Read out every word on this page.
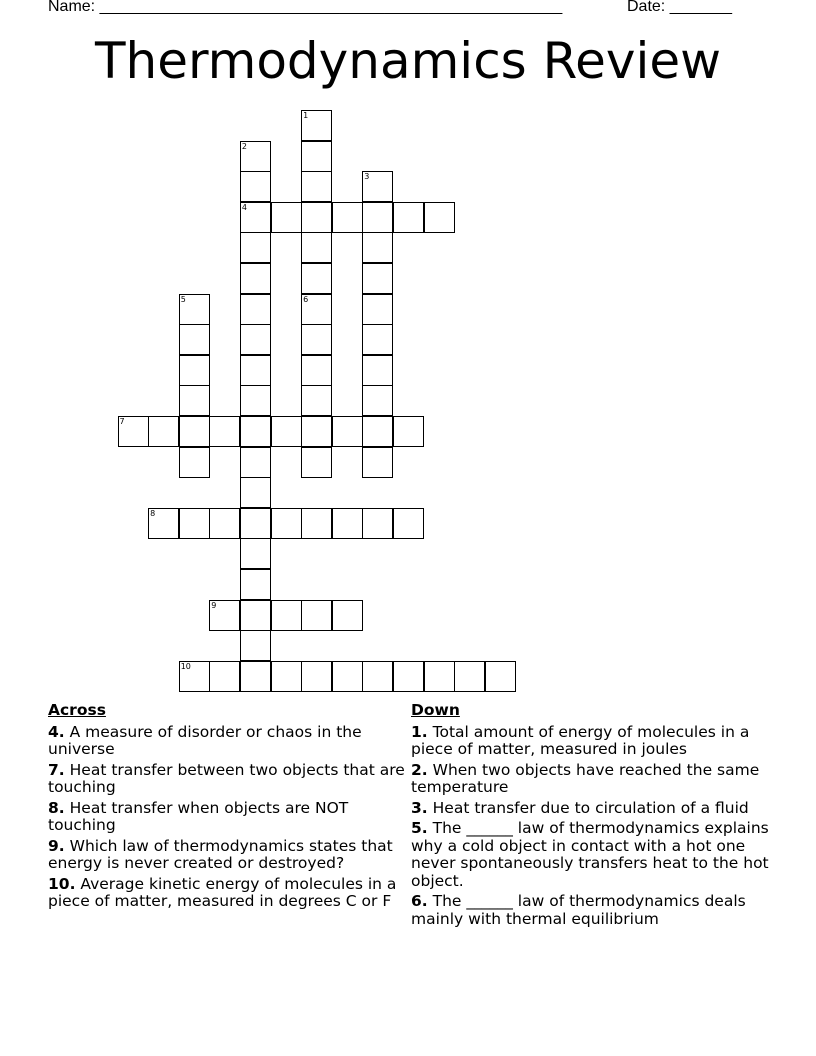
Name: ____________________________________________________	Date: _______
Thermodynamics Review
1
6
2
4
3
5
7
8
9
10
Across
4. A measure of disorder or chaos in the universe
7. Heat transfer between two objects that are touching
8. Heat transfer when objects are NOT touching
9. Which law of thermodynamics states that energy is never created or destroyed?
10. Average kinetic energy of molecules in a piece of matter, measured in degrees C or F
Down
1. Total amount of energy of molecules in a piece of matter, measured in joules
2. When two objects have reached the same temperature
3. Heat transfer due to circulation of a fluid
5. The ______ law of thermodynamics explains why a cold object in contact with a hot one never spontaneously transfers heat to the hot object.
6. The ______ law of thermodynamics deals mainly with thermal equilibrium
